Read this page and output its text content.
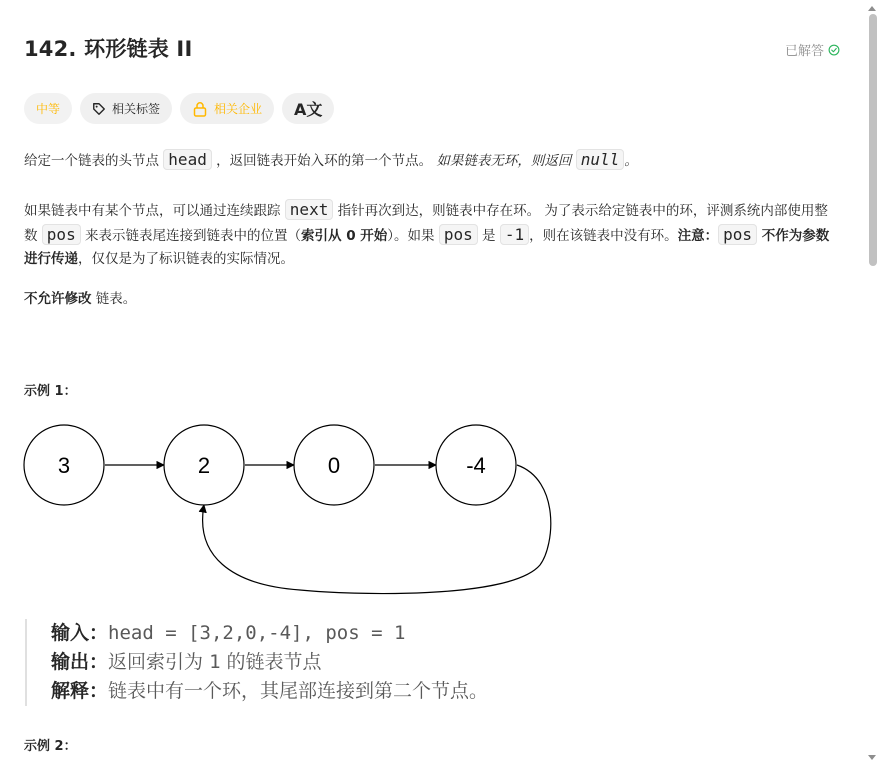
142. 环形链表 II	已解答
中等	相关标签	相关企业 A文
给定一个链表的头节点 head ，返回链表开始入环的第一个节点。 如果链表无环，则返回 null 。
如果链表中有某个节点，可以通过连续跟踪 next 指针再次到达，则链表中存在环。 为了表示给定链表中的环，评测系统内部使用整数 pos 来表示链表尾连接到链表中的位置（索引从 0 开始）。如果 pos 是 -1 ，则在该链表中没有环。注意： pos 不作为参数进行传递，仅仅是为了标识链表的实际情况。
不允许修改 链表。
示例 1：
3	2	0	-4
输入：head = [3,2,0,-4], pos = 1
输出：返回索引为 1 的链表节点
解释：链表中有一个环，其尾部连接到第二个节点。
示例 2：
